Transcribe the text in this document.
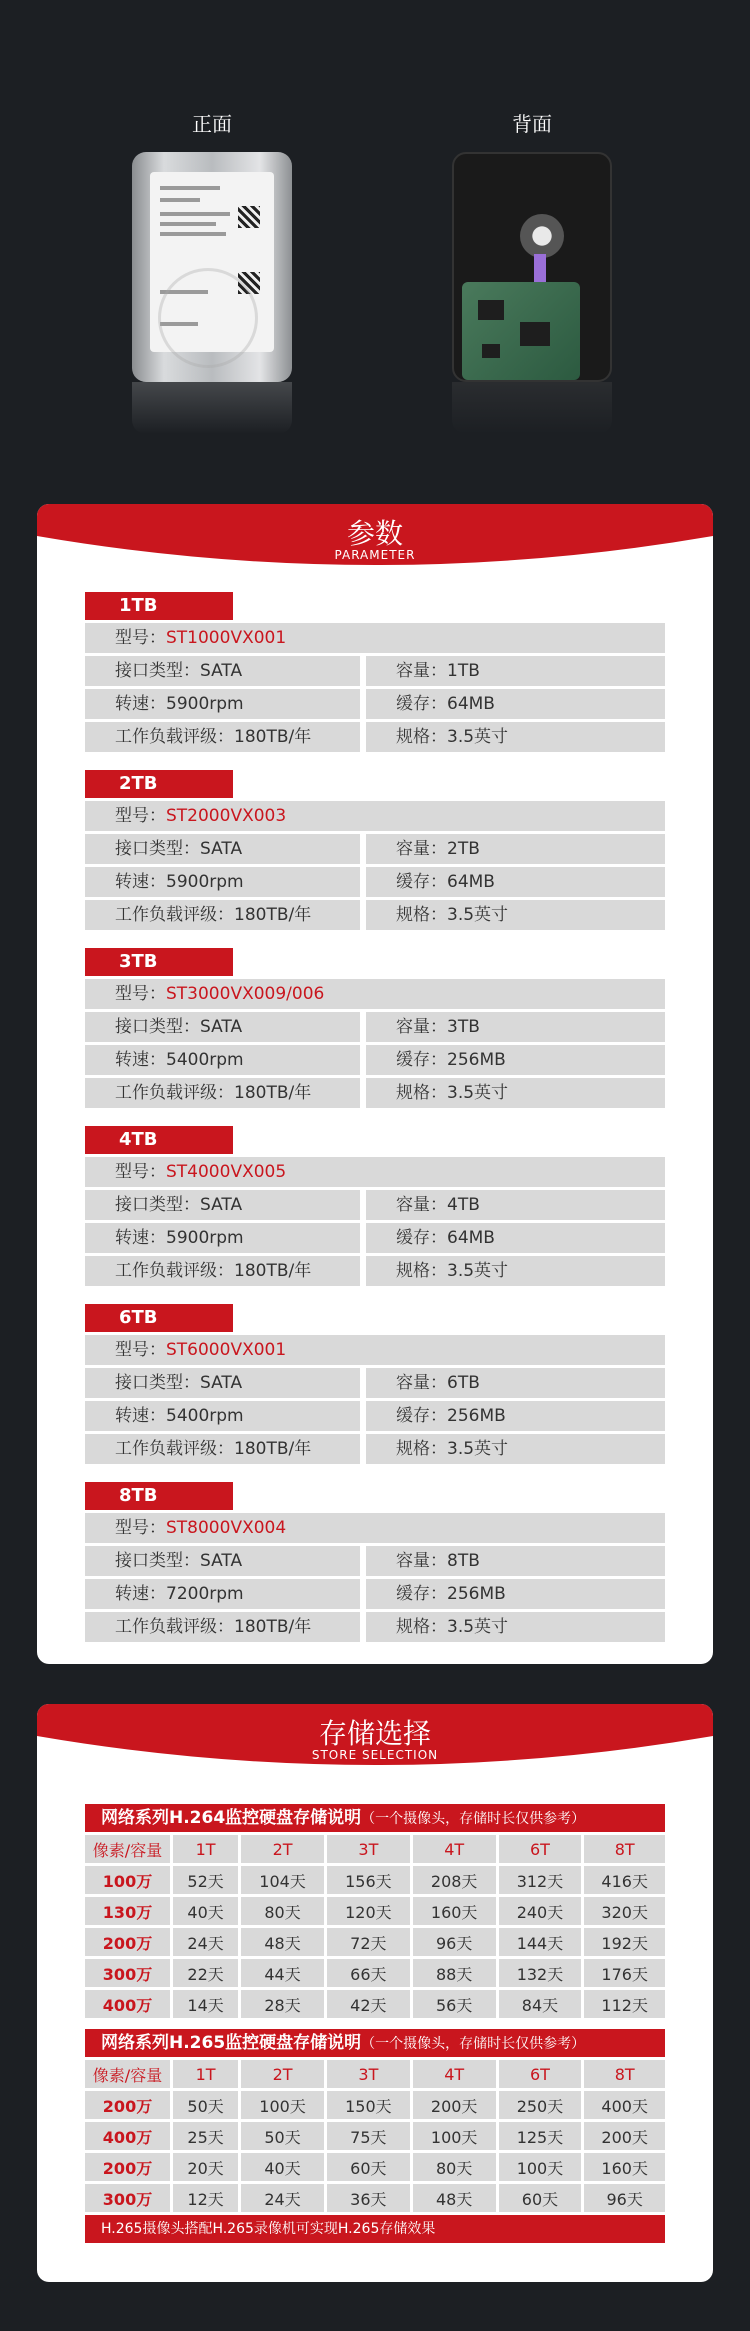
正面	背面
参数
PARAMETER
1TB
型号：ST1000VX001
接口类型：SATA	容量：1TB
转速：5900rpm	缓存：64MB
工作负载评级：180TB/年	规格：3.5英寸
2TB
型号：ST2000VX003
接口类型：SATA	容量：2TB
转速：5900rpm	缓存：64MB
工作负载评级：180TB/年	规格：3.5英寸
3TB
型号：ST3000VX009/006
接口类型：SATA	容量：3TB
转速：5400rpm	缓存：256MB
工作负载评级：180TB/年	规格：3.5英寸
4TB
型号：ST4000VX005
接口类型：SATA	容量：4TB
转速：5900rpm	缓存：64MB
工作负载评级：180TB/年	规格：3.5英寸
6TB
型号：ST6000VX001
接口类型：SATA	容量：6TB
转速：5400rpm	缓存：256MB
工作负载评级：180TB/年	规格：3.5英寸
8TB
型号：ST8000VX004
接口类型：SATA	容量：8TB
转速：7200rpm	缓存：256MB
工作负载评级：180TB/年	规格：3.5英寸
存储选择
STORE SELECTION
网络系列H.264监控硬盘存储说明（一个摄像头，存储时长仅供参考）
像素/容量	1T	2T	3T	4T	6T	8T
100万	52天	104天	156天	208天	312天	416天
130万	40天	80天	120天	160天	240天	320天
200万	24天	48天	72天	96天	144天	192天
300万	22天	44天	66天	88天	132天	176天
400万	14天	28天	42天	56天	84天	112天
网络系列H.265监控硬盘存储说明（一个摄像头，存储时长仅供参考）
像素/容量	1T	2T	3T	4T	6T	8T
200万	50天	100天	150天	200天	250天	400天
400万	25天	50天	75天	100天	125天	200天
200万	20天	40天	60天	80天	100天	160天
300万	12天	24天	36天	48天	60天	96天
H.265摄像头搭配H.265录像机可实现H.265存储效果
